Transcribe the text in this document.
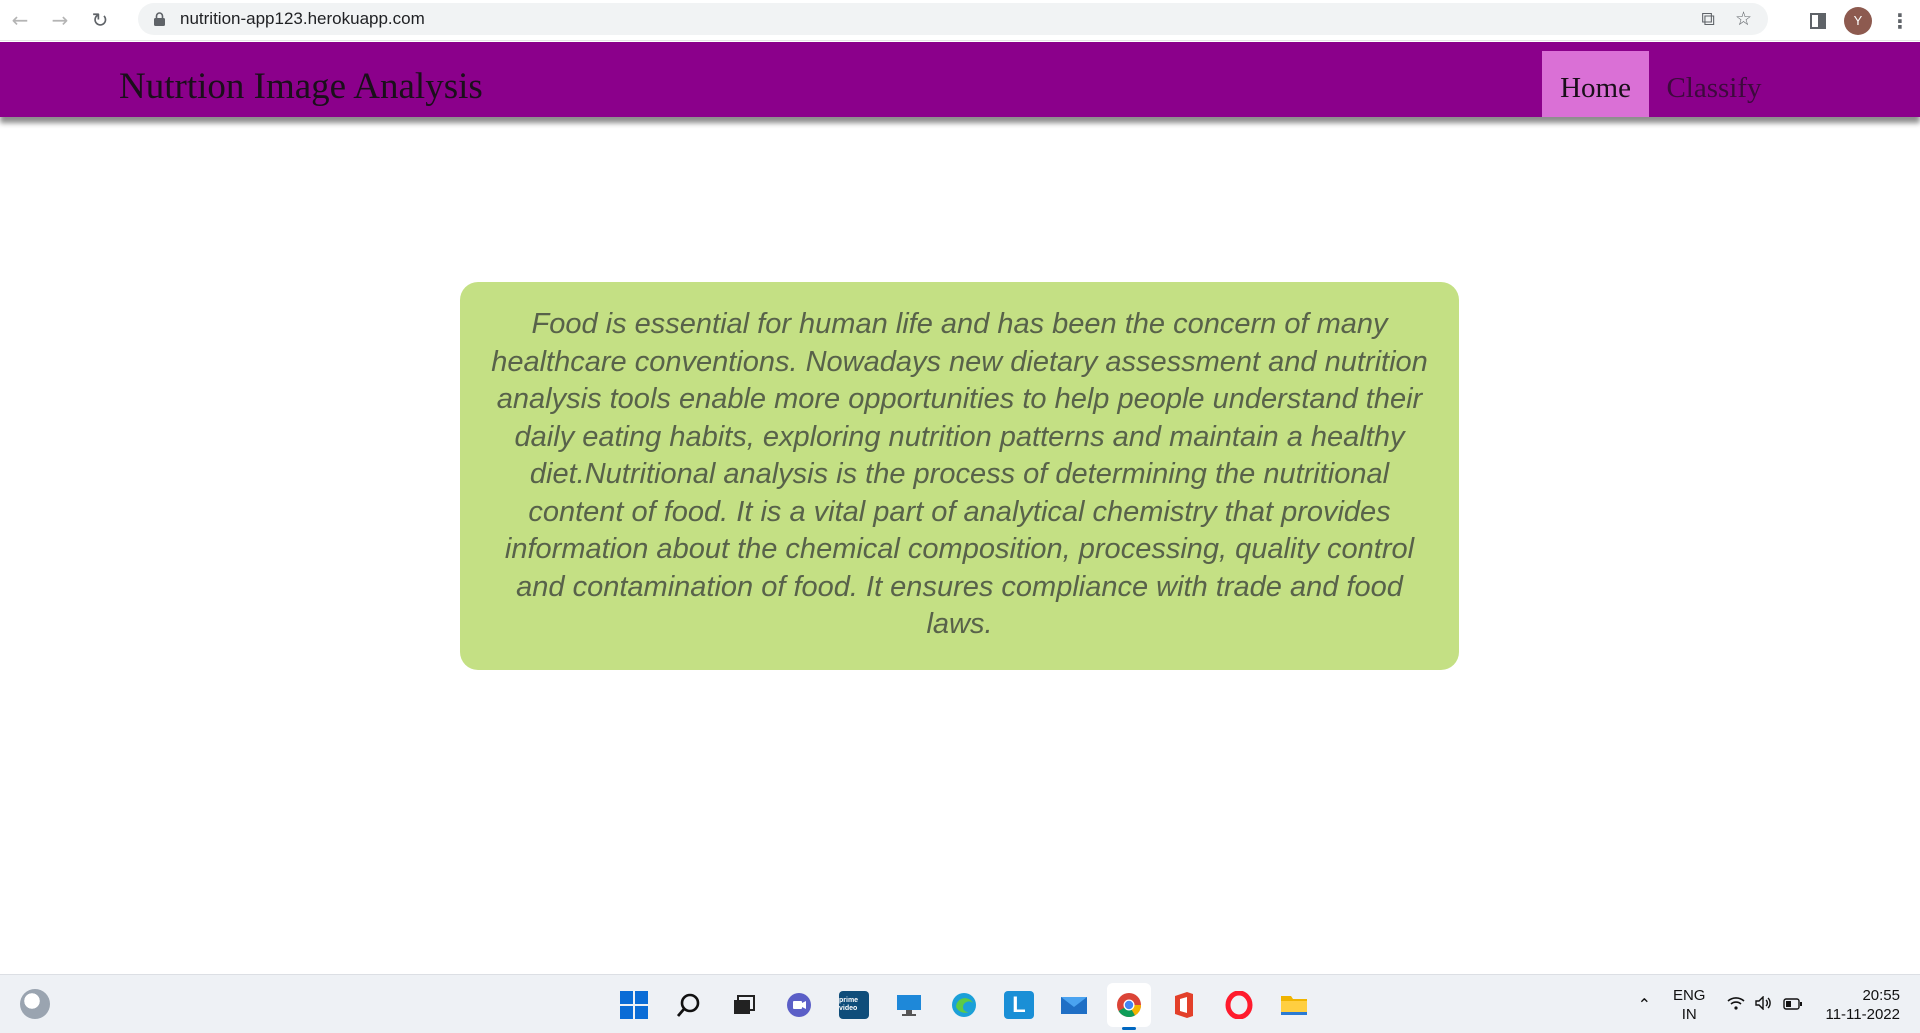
←	→	↻	nutrition-app123.herokuapp.com	⧉ ☆	Y	⋮
Nutrtion Image Analysis	Home	Classify

Food is essential for human life and has been the concern of many healthcare conventions. Nowadays new dietary assessment and nutrition analysis tools enable more opportunities to help people understand their daily eating habits, exploring nutrition patterns and maintain a healthy diet.Nutritional analysis is the process of determining the nutritional content of food. It is a vital part of analytical chemistry that provides information about the chemical composition, processing, quality control and contamination of food. It ensures compliance with trade and food laws.

prime video	L	⌃ ENG
IN
20:55
11-11-2022
